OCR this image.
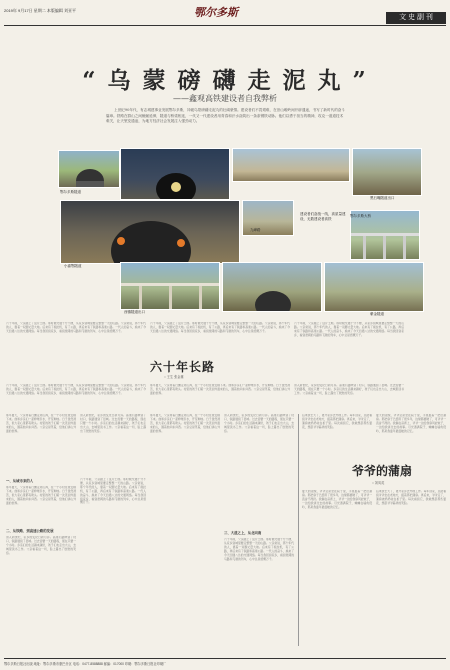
2019年 9月17日 星期二 本版编辑 刘亚平	鄂尔多斯	文 史 副 刊
“ 乌 蒙 磅 礴 走 泥 丸 ”
——鑫观高铁建设者自我弊析
上世纪90年代，有志城建事业发展鄂尔多斯，冲破乌蒙磅礴走泥丸的壮阔豪情。建设者们不畏艰难，在崇山峻岭间开辟通途，书写了新时代的奋斗篇章。铁路在群山之间蜿蜒延伸，隧道与桥梁相连，一代又一代建设者用青春和汗水浇筑出一条条钢铁动脉。他们以勇于担当的精神，攻克一道道技术难关，让天堑变通途，为地方经济社会发展注入强劲动力。
鄂尔多斯隧道
黑石嘴隧道出口
鄂尔多斯大桥
小嘉鄂隧道
九峰路
建设者们奋战一线，高质量建设，无数建设者高铁
西镇隧道出口	紫金隧道
六十年前，父亲踏上了这片土地。那时候交通十分不便，从家乡到城里要走整整一天的山路。父亲常说，那个年代的人，靠着一双脚丈量大地。后来有了拖拉机，有了公路，再后来有了铁路和高速公路。一代人的奋斗，换来了今天四通八达的交通网络。每当我回到家乡，看到宽阔的马路和飞驰的列车，心中总是感慨万千。
六十年前，父亲踏上了这片土地。那时候交通十分不便，从家乡到城里要走整整一天的山路。父亲常说，那个年代的人，靠着一双脚丈量大地。后来有了拖拉机，有了公路，再后来有了铁路和高速公路。一代人的奋斗，换来了今天四通八达的交通网络。每当我回到家乡，看到宽阔的马路和飞驰的列车，心中总是感慨万千。
六十年前，父亲踏上了这片土地。那时候交通十分不便，从家乡到城里要走整整一天的山路。父亲常说，那个年代的人，靠着一双脚丈量大地。后来有了拖拉机，有了公路，再后来有了铁路和高速公路。一代人的奋斗，换来了今天四通八达的交通网络。每当我回到家乡，看到宽阔的马路和飞驰的列车，心中总是感慨万千。
六十年长路
○ 王生 张金雄
六十年前，父亲踏上了这片土地。那时候交通十分不便，从家乡到城里要走整整一天的山路。父亲常说，那个年代的人，靠着一双脚丈量大地。后来有了拖拉机，有了公路，再后来有了铁路和高速公路。一代人的奋斗，换来了今天四通八达的交通网络。每当我回到家乡，看到宽阔的马路和飞驰的列车，心中总是感慨万千。
那年夏天，父亲背着行囊走进山沟，在一个小村庄里安顿下来。他和乡亲们一起修渠引水，开荒种地。日子虽然清苦，但大家心里都有盼头。村里的孩子们第一次见到外面来的人，围着他问东问西。父亲总是笑着，给他们讲山外面的世界。
进入新世纪，家乡的变化日新月异。高速公路修到了村口，铁路通到了县城。过去需要一天的路程，现在只要一个小时。乡亲们的生活越来越好，孩子们也走出大山，去城里读书工作。父亲看着这一切，脸上露出了欣慰的笑容。
那年夏天，父亲背着行囊走进山沟，在一个小村庄里安顿下来。他和乡亲们一起修渠引水，开荒种地。日子虽然清苦，但大家心里都有盼头。村里的孩子们第一次见到外面来的人，围着他问东问西。父亲总是笑着，给他们讲山外面的世界。
进入新世纪，家乡的变化日新月异。高速公路修到了村口，铁路通到了县城。过去需要一天的路程，现在只要一个小时。乡亲们的生活越来越好，孩子们也走出大山，去城里读书工作。父亲看着这一切，脸上露出了欣慰的笑容。
一、从城市来的人
那年夏天，父亲背着行囊走进山沟，在一个小村庄里安顿下来。他和乡亲们一起修渠引水，开荒种地。日子虽然清苦，但大家心里都有盼头。村里的孩子们第一次见到外面来的人，围着他问东问西。父亲总是笑着，给他们讲山外面的世界。
二、从铁路、到高速公路的发展
进入新世纪，家乡的变化日新月异。高速公路修到了村口，铁路通到了县城。过去需要一天的路程，现在只要一个小时。乡亲们的生活越来越好，孩子们也走出大山，去城里读书工作。父亲看着这一切，脸上露出了欣慰的笑容。
六十年前，父亲踏上了这片土地。那时候交通十分不便，从家乡到城里要走整整一天的山路。父亲常说，那个年代的人，靠着一双脚丈量大地。后来有了拖拉机，有了公路，再后来有了铁路和高速公路。一代人的奋斗，换来了今天四通八达的交通网络。每当我回到家乡，看到宽阔的马路和飞驰的列车，心中总是感慨万千。
那年夏天，父亲背着行囊走进山沟，在一个小村庄里安顿下来。他和乡亲们一起修渠引水，开荒种地。日子虽然清苦，但大家心里都有盼头。村里的孩子们第一次见到外面来的人，围着他问东问西。父亲总是笑着，给他们讲山外面的世界。
进入新世纪，家乡的变化日新月异。高速公路修到了村口，铁路通到了县城。过去需要一天的路程，现在只要一个小时。乡亲们的生活越来越好，孩子们也走出大山，去城里读书工作。父亲看着这一切，脸上露出了欣慰的笑容。
三、大道之上，从北向南
六十年前，父亲踏上了这片土地。那时候交通十分不便，从家乡到城里要走整整一天的山路。父亲常说，那个年代的人，靠着一双脚丈量大地。后来有了拖拉机，有了公路，再后来有了铁路和高速公路。一代人的奋斗，换来了今天四通八达的交通网络。每当我回到家乡，看到宽阔的马路和飞驰的列车，心中总是感慨万千。
后来我长大了，离开家乡去外地工作。每年回家，总能看到爷爷坐在老地方，摇着那把蒲扇。再后来，爷爷走了，蒲扇被奶奶收在柜子里。每次看到它，我就想起那些夏夜，想起爷爷慈祥的笑脸。
夏天的夜晚，爷爷总是坐在院子里，手里摇着一把旧蒲扇。那把扇子已经用了很多年，边缘都磨破了，可爷爷一直舍不得扔。我躺在凉席上，爷爷一边给我扇风赶蚊子，一边给我讲过去的故事。月光洒满院子，蛐蛐在墙角低吟，那是我童年最温暖的记忆。
爷爷的蒲扇
○ 刘凤英
夏天的夜晚，爷爷总是坐在院子里，手里摇着一把旧蒲扇。那把扇子已经用了很多年，边缘都磨破了，可爷爷一直舍不得扔。我躺在凉席上，爷爷一边给我扇风赶蚊子，一边给我讲过去的故事。月光洒满院子，蛐蛐在墙角低吟，那是我童年最温暖的记忆。
后来我长大了，离开家乡去外地工作。每年回家，总能看到爷爷坐在老地方，摇着那把蒲扇。再后来，爷爷走了，蒲扇被奶奶收在柜子里。每次看到它，我就想起那些夏夜，想起爷爷慈祥的笑脸。
鄂尔多斯日报社出版 地址：鄂尔多斯市康巴什区 电话：0477-8588888 邮编：017000 印刷：鄂尔多斯日报社印刷厂
